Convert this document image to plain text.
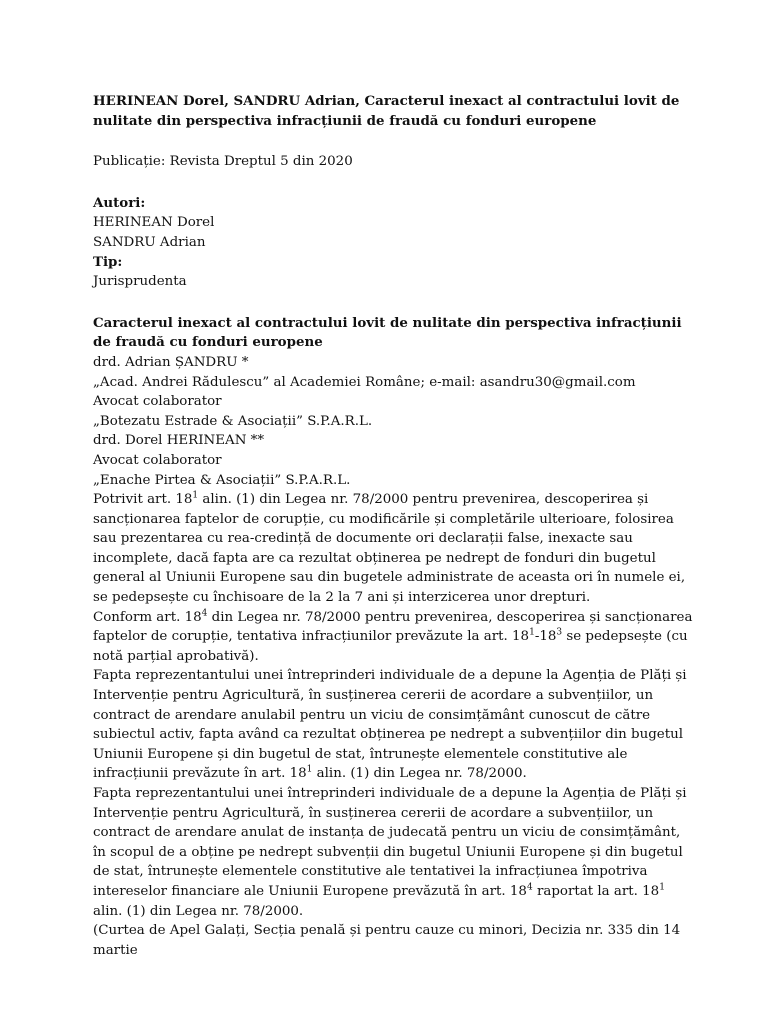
HERINEAN Dorel, SANDRU Adrian, Caracterul inexact al contractului lovit de nulitate din perspectiva infracțiunii de fraudă cu fonduri europene

Publicație: Revista Dreptul 5 din 2020

Autori:

HERINEAN Dorel

SANDRU Adrian

Tip:

Jurisprudenta

Caracterul inexact al contractului lovit de nulitate din perspectiva infracțiunii de fraudă cu fonduri europene

drd. Adrian ȘANDRU *

„Acad. Andrei Rădulescu” al Academiei Române; e-mail: asandru30@gmail.com

Avocat colaborator

„Botezatu Estrade & Asociații” S.P.A.R.L.

drd. Dorel HERINEAN **

Avocat colaborator

„Enache Pirtea & Asociații” S.P.A.R.L.

Potrivit art. $18^1$ alin. (1) din Legea nr. 78/2000 pentru prevenirea, descoperirea și sancționarea faptelor de corupție, cu modificările și completările ulterioare, folosirea sau prezentarea cu rea-credință de documente ori declarații false, inexacte sau incomplete, dacă fapta are ca rezultat obținerea pe nedrept de fonduri din bugetul general al Uniunii Europene sau din bugetele administrate de aceasta ori în numele ei, se pedepsește cu închisoare de la 2 la 7 ani și interzicerea unor drepturi.

Conform art. $18^4$ din Legea nr. 78/2000 pentru prevenirea, descoperirea și sancționarea faptelor de corupție, tentativa infracțiunilor prevăzute la art. $18^1-18^3$ se pedepsește (cu notă parțial aprobativă).

Fapta reprezentantului unei întreprinderi individuale de a depune la Agenția de Plăți și Intervenție pentru Agricultură, în susținerea cererii de acordare a subvențiilor, un contract de arendare anulabil pentru un viciu de consimțământ cunoscut de către subiectul activ, fapta având ca rezultat obținerea pe nedrept a subvențiilor din bugetul Uniunii Europene și din bugetul de stat, întrunește elementele constitutive ale infracțiunii prevăzute în art. $18^1$ alin. (1) din Legea nr. 78/2000.

Fapta reprezentantului unei întreprinderi individuale de a depune la Agenția de Plăți și Intervenție pentru Agricultură, în susținerea cererii de acordare a subvențiilor, un contract de arendare anulat de instanța de judecată pentru un viciu de consimțământ, în scopul de a obține pe nedrept subvenții din bugetul Uniunii Europene și din bugetul de stat, întrunește elementele constitutive ale tentativei la infracțiunea împotriva intereselor financiare ale Uniunii Europene prevăzută în art. $18^4$ raportat la art. $18^1$ alin. (1) din Legea nr. 78/2000.

(Curtea de Apel Galați, Secția penală și pentru cauze cu minori, Decizia nr. 335 din 14 martie
